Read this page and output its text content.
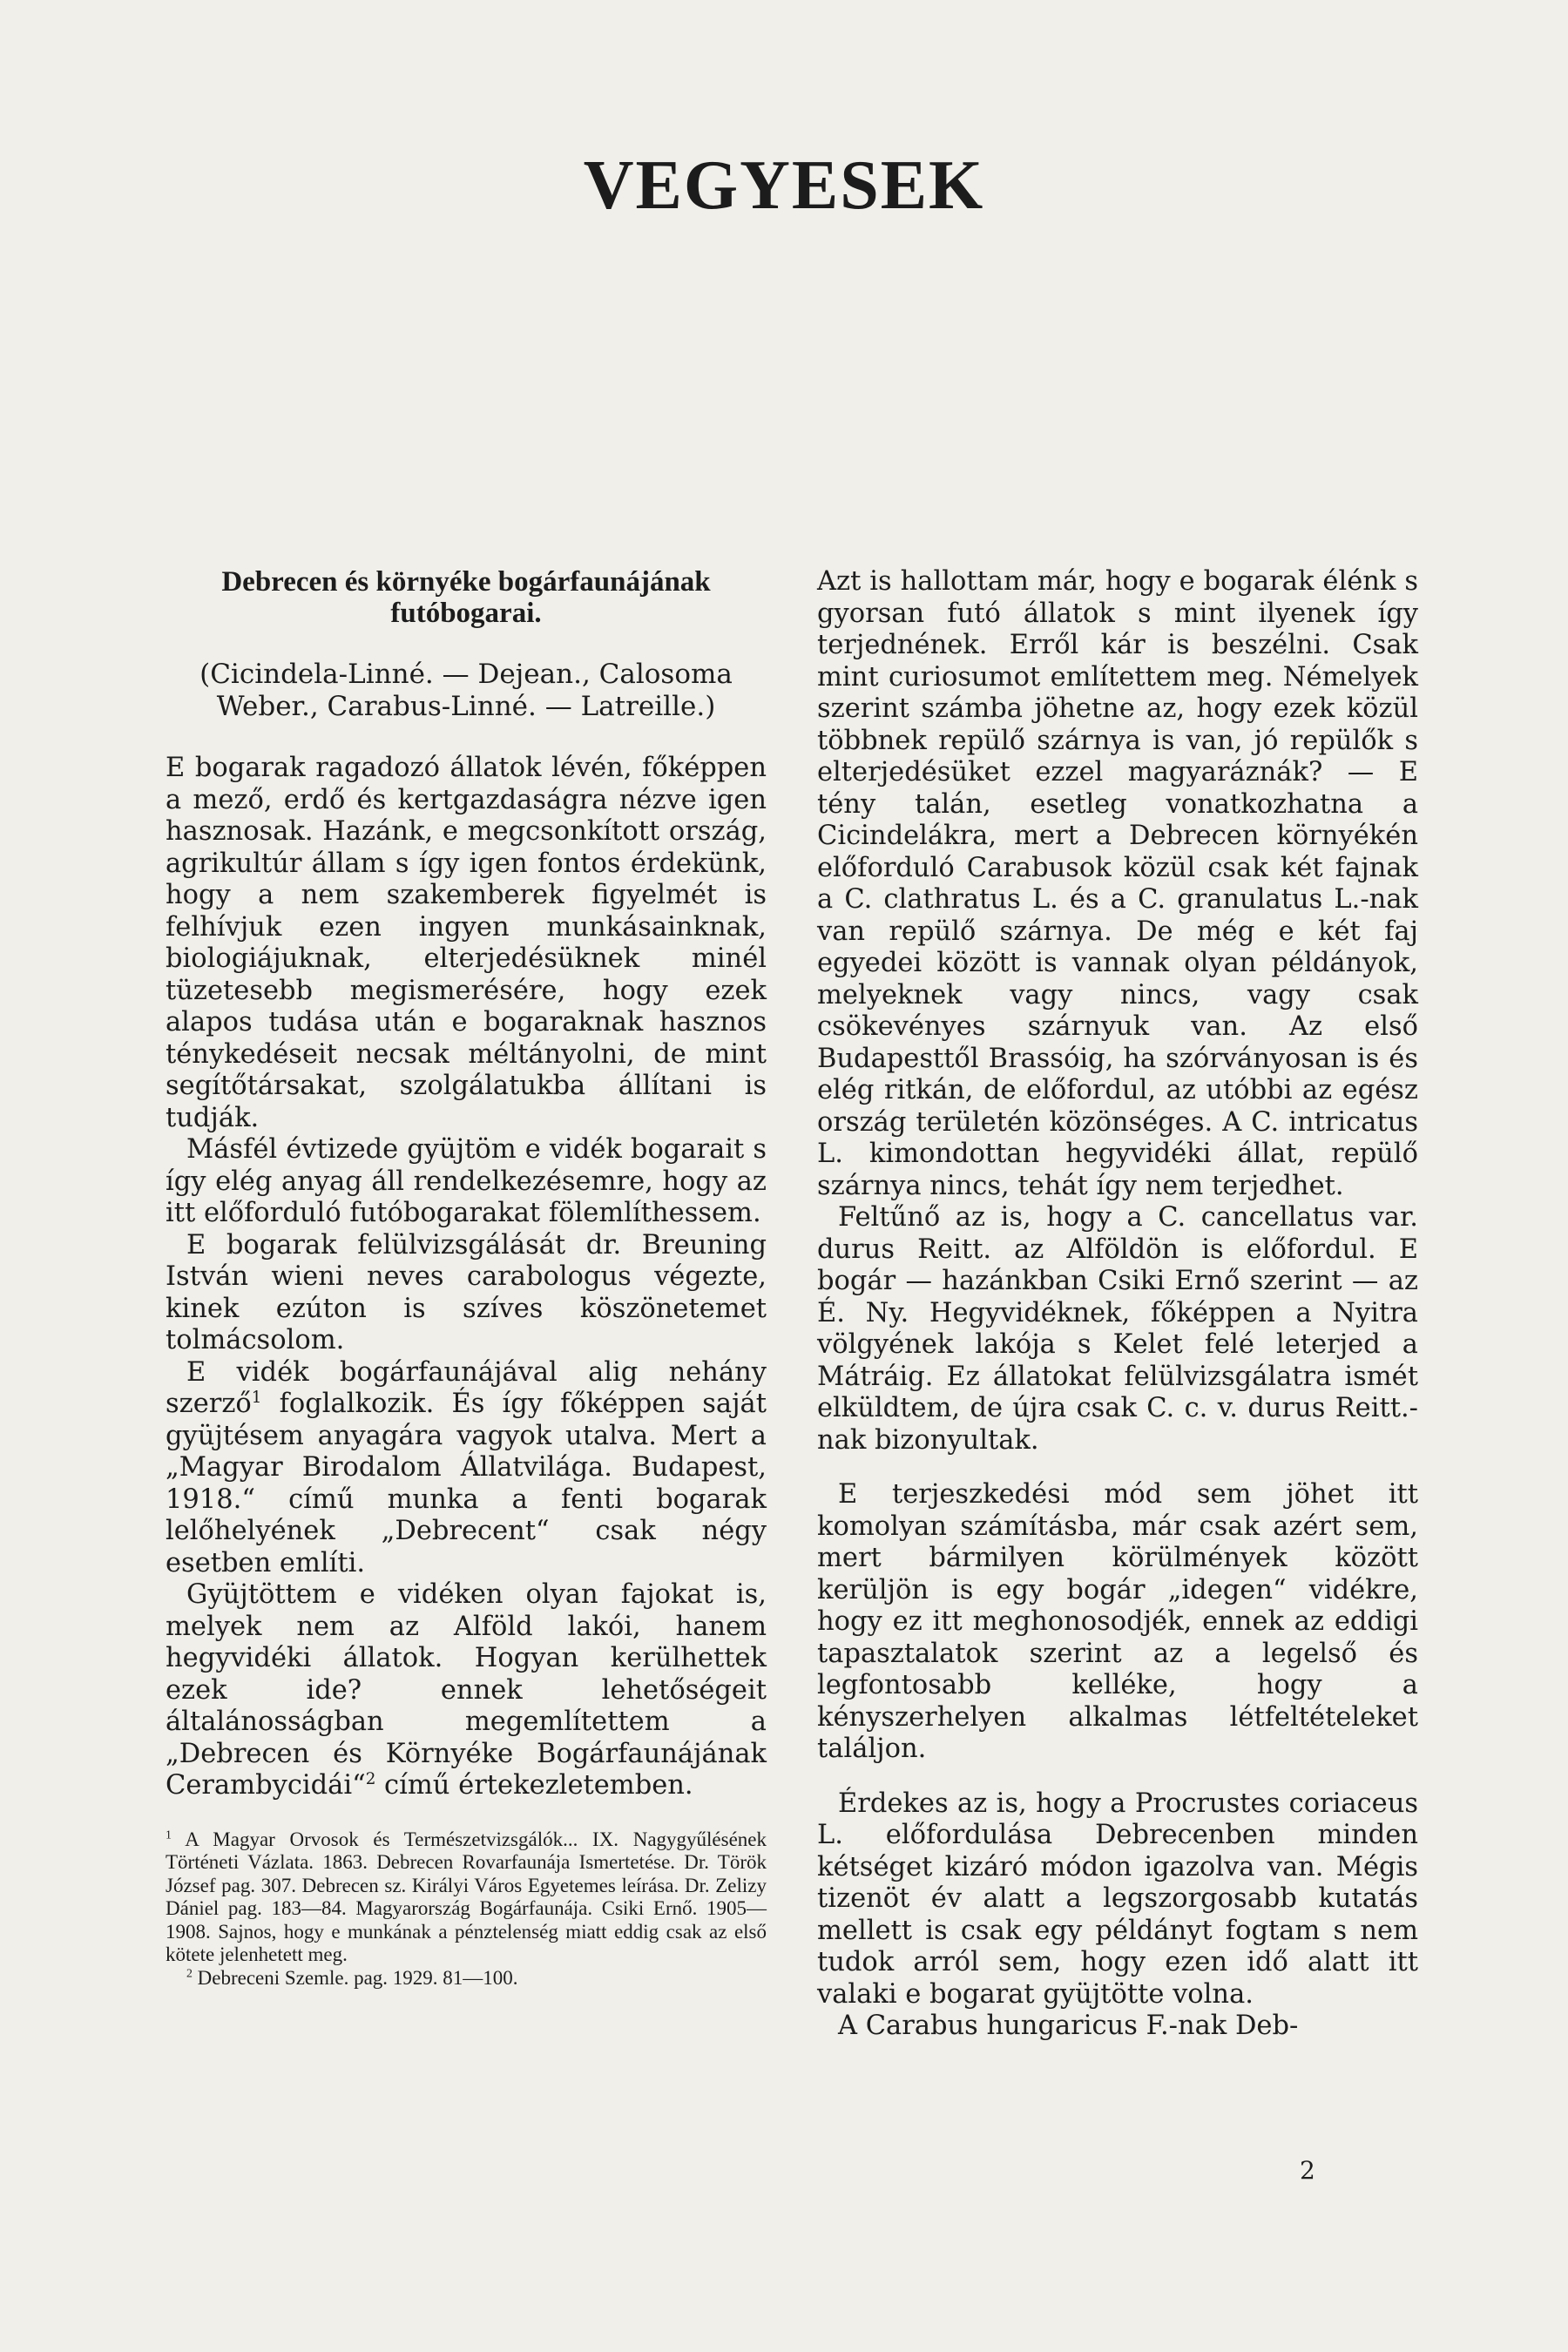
VEGYESEK
Debrecen és környéke bogárfaunájának futóbogarai.
(Cicindela-Linné. — Dejean., Calosoma Weber., Carabus-Linné. — Latreille.)

E bogarak ragadozó állatok lévén, főképpen a mező, erdő és kertgazdaságra nézve igen hasznosak. Hazánk, e megcsonkított ország, agrikultúr állam s így igen fontos érdekünk, hogy a nem szakemberek figyelmét is felhívjuk ezen ingyen munkásainknak, biologiájuknak, elterjedésüknek minél tüzetesebb megismerésére, hogy ezek alapos tudása után e bogaraknak hasznos ténykedéseit necsak méltányolni, de mint segítőtársakat, szolgálatukba állítani is tudják.

Másfél évtizede gyüjtöm e vidék bogarait s így elég anyag áll rendelkezésemre, hogy az itt előforduló futóbogarakat fölemlíthessem.

E bogarak felülvizsgálását dr. Breuning István wieni neves carabologus végezte, kinek ezúton is szíves köszönetemet tolmácsolom.

E vidék bogárfaunájával alig nehány szerző$^1$ foglalkozik. És így főképpen saját gyüjtésem anyagára vagyok utalva. Mert a „Magyar Birodalom Állatvilága. Budapest, 1918.“ című munka a fenti bogarak lelőhelyének „Debrecent“ csak négy esetben említi.

Gyüjtöttem e vidéken olyan fajokat is, melyek nem az Alföld lakói, hanem hegyvidéki állatok. Hogyan kerülhettek ezek ide? ennek lehetőségeit általánosságban megemlítettem a „Debrecen és Környéke Bogárfaunájának Cerambycidái“$^2$ című értekezletemben.

$^1$ A Magyar Orvosok és Természetvizsgálók... IX. Nagygyűlésének Történeti Vázlata. 1863. Debrecen Rovarfaunája Ismertetése. Dr. Török József pag. 307. Debrecen sz. Királyi Város Egyetemes leírása. Dr. Zelizy Dániel pag. 183—84. Magyarország Bogárfaunája. Csiki Ernő. 1905—1908. Sajnos, hogy e munkának a pénztelenség miatt eddig csak az első kötete jelenhetett meg.

$^2$ Debreceni Szemle. pag. 1929. 81—100.

Azt is hallottam már, hogy e bogarak élénk s gyorsan futó állatok s mint ilyenek így terjednének. Erről kár is beszélni. Csak mint curiosumot említettem meg. Némelyek szerint számba jöhetne az, hogy ezek közül többnek repülő szárnya is van, jó repülők s elterjedésüket ezzel magyaráznák? — E tény talán, esetleg vonatkozhatna a Cicindelákra, mert a Debrecen környékén előforduló Carabusok közül csak két fajnak a C. clathratus L. és a C. granulatus L.-nak van repülő szárnya. De még e két faj egyedei között is vannak olyan példányok, melyeknek vagy nincs, vagy csak csökevényes szárnyuk van. Az első Budapesttől Brassóig, ha szórványosan is és elég ritkán, de előfordul, az utóbbi az egész ország területén közönséges. A C. intricatus L. kimondottan hegyvidéki állat, repülő szárnya nincs, tehát így nem terjedhet.

Feltűnő az is, hogy a C. cancellatus var. durus Reitt. az Alföldön is előfordul. E bogár — hazánkban Csiki Ernő szerint — az É. Ny. Hegyvidéknek, főképpen a Nyitra völgyének lakója s Kelet felé leterjed a Mátráig. Ez állatokat felülvizsgálatra ismét elküldtem, de újra csak C. c. v. durus Reitt.-nak bizonyultak.

E terjeszkedési mód sem jöhet itt komolyan számításba, már csak azért sem, mert bármilyen körülmények között kerüljön is egy bogár „idegen“ vidékre, hogy ez itt meghonosodjék, ennek az eddigi tapasztalatok szerint az a legelső és legfontosabb kelléke, hogy a kényszerhelyen alkalmas létfeltételeket találjon.

Érdekes az is, hogy a Procrustes coriaceus L. előfordulása Debrecenben minden kétséget kizáró módon igazolva van. Mégis tizenöt év alatt a legszorgosabb kutatás mellett is csak egy példányt fogtam s nem tudok arról sem, hogy ezen idő alatt itt valaki e bogarat gyüjtötte volna.

A Carabus hungaricus F.-nak Deb-

2
